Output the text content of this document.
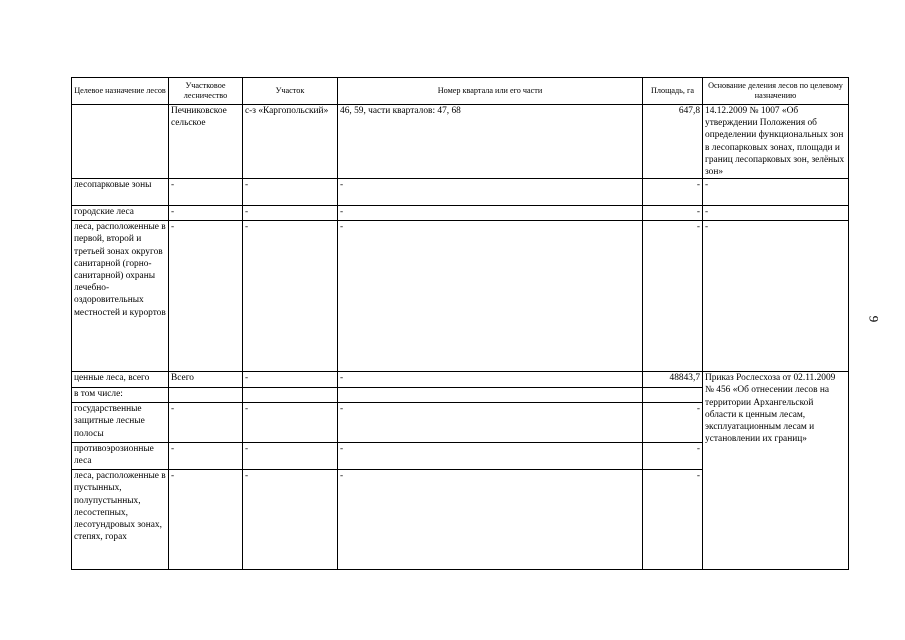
9
Целевое назначение лесов	Участковое лесничество	Участок	Номер квартала или его части	Площадь, га	Основание деления лесов по целевому назначению
	Печниковское сельское	с-з «Каргопольский»	46, 59, части кварталов: 47, 68	647,8	14.12.2009 № 1007 «Об утверждении Положения об определении функциональных зон в лесопарковых зонах, площади и границ лесопарковых зон, зелёных зон»
лесопарковые зоны	-	-	-	-	-
городские леса	-	-	-	-	-
леса, расположенные в первой, второй и третьей зонах округов санитарной (горно-санитарной) охраны лечебно-оздоровительных местностей и курортов	-	-	-	-	-
ценные леса, всего	Всего	-	-	48843,7	Приказ Рослесхоза от 02.11.2009 № 456 «Об отнесении лесов на территории Архангельской области к ценным лесам, эксплуатационным лесам и установлении их границ»
в том числе:					
государственные защитные лесные полосы	-	-	-	-	
противоэрозионные леса	-	-	-	-	
леса, расположенные в пустынных, полупустынных, лесостепных, лесотундровых зонах, степях, горах	-	-	-	-	
